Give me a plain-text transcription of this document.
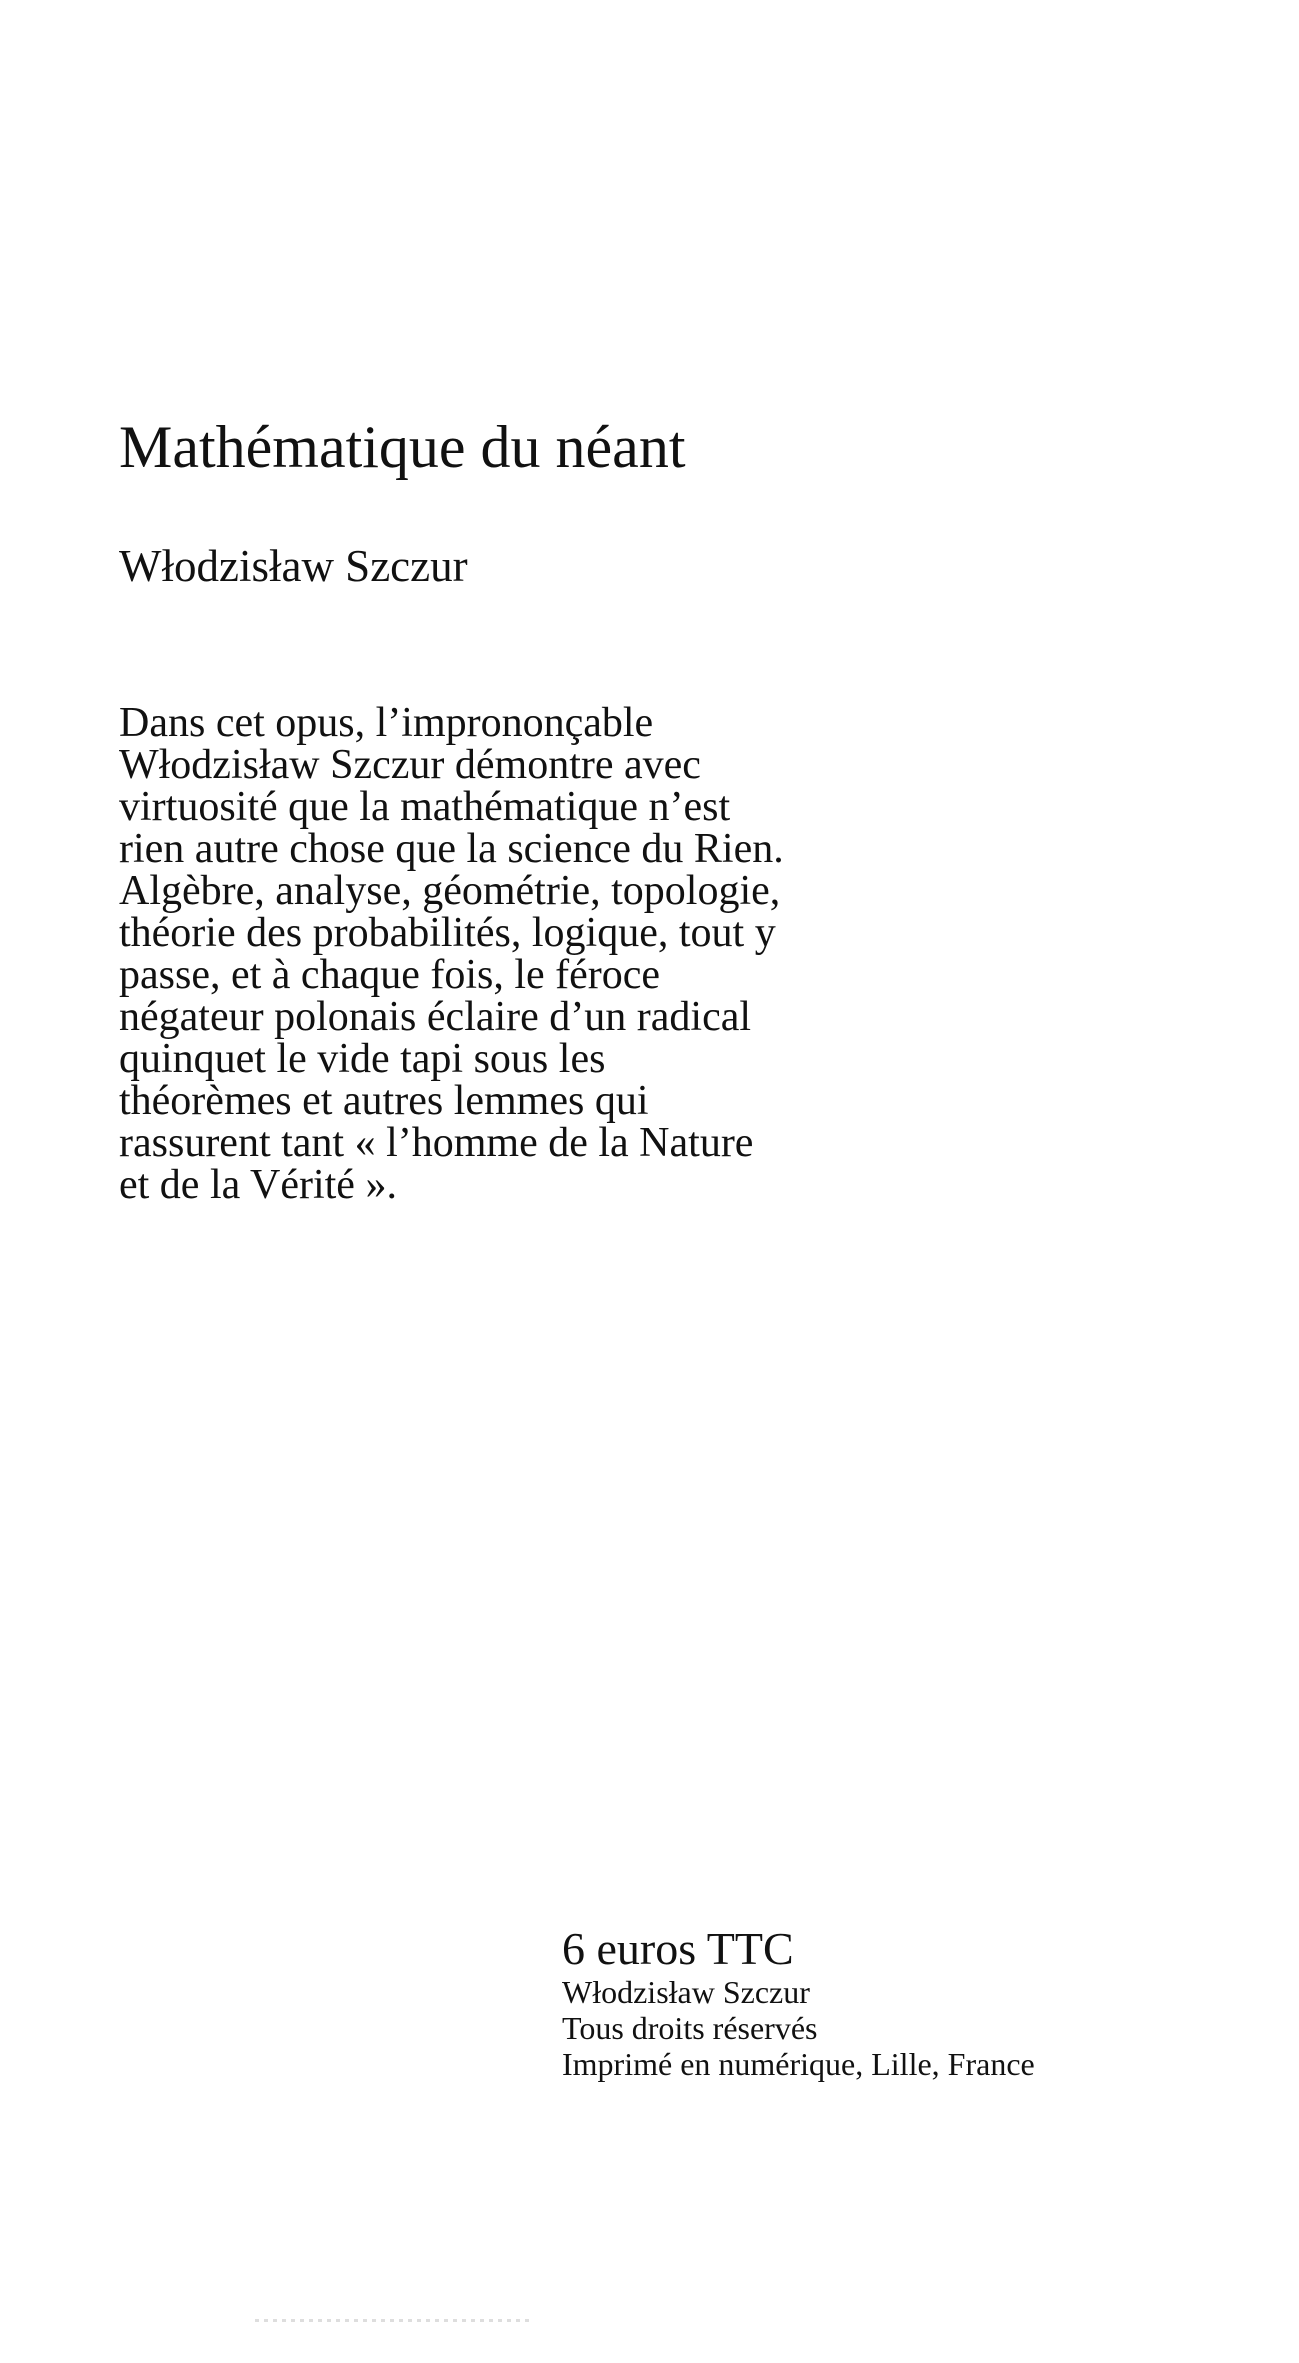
Mathématique du néant

Włodzisław Szczur

Dans cet opus, l’imprononçable
Włodzisław Szczur démontre avec
virtuosité que la mathématique n’est
rien autre chose que la science du Rien.
Algèbre, analyse, géométrie, topologie,
théorie des probabilités, logique, tout y
passe, et à chaque fois, le féroce
négateur polonais éclaire d’un radical
quinquet le vide tapi sous les
théorèmes et autres lemmes qui
rassurent tant « l’homme de la Nature
et de la Vérité ».

6 euros TTC
Włodzisław Szczur
Tous droits réservés
Imprimé en numérique, Lille, France
